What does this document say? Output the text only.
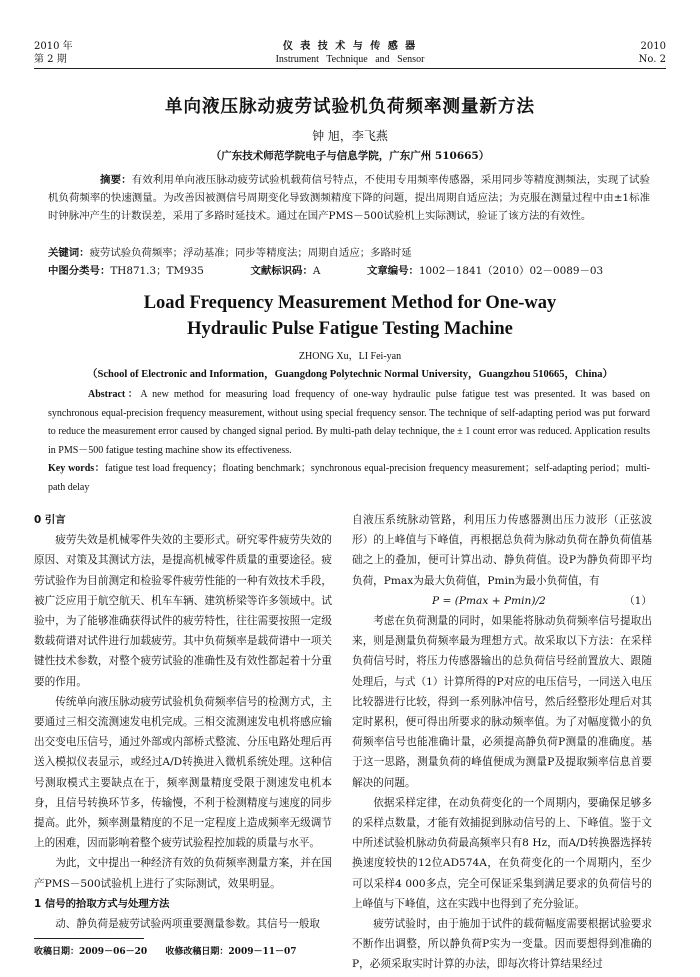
2010 年
第 2 期
仪 表 技 术 与 传 感 器
Instrument   Technique   and   Sensor
2010
No. 2
单向液压脉动疲劳试验机负荷频率测量新方法
钟 旭，李飞燕
（广东技术师范学院电子与信息学院，广东广州 510665）
摘要：有效利用单向液压脉动疲劳试验机载荷信号特点，不使用专用频率传感器，采用同步等精度测频法，实现了试验机负荷频率的快速测量。为改善因被测信号周期变化导致测频精度下降的问题，提出周期自适应法；为克服在测量过程中由±1标准时钟脉冲产生的计数误差，采用了多路时延技术。通过在国产PMS－500试验机上实际测试，验证了该方法的有效性。
关键词：疲劳试验负荷频率；浮动基准；同步等精度法；周期自适应；多路时延
中图分类号：TH871.3；TM935	文献标识码：A	文章编号：1002－1841（2010）02－0089－03
Load Frequency Measurement Method for One-way
Hydraulic Pulse Fatigue Testing Machine
ZHONG Xu，LI Fei-yan
（School of Electronic and Information，Guangdong Polytechnic Normal University，Guangzhou 510665，China）
Abstract：A new method for measuring load frequency of one-way hydraulic pulse fatigue test was presented. It was based on synchronous equal-precision frequency measurement, without using special frequency sensor. The technique of self-adapting period was put forward to reduce the measurement error caused by changed signal period. By multi-path delay technique, the ± 1 count error was reduced. Application results in PMS－500 fatigue testing machine show its effectiveness.
Key words：fatigue test load frequency；floating benchmark；synchronous equal-precision frequency measurement；self-adapting period；multi-path delay

0 引言

疲劳失效是机械零件失效的主要形式。研究零件疲劳失效的原因、对策及其测试方法，是提高机械零件质量的重要途径。疲劳试验作为目前测定和检验零件疲劳性能的一种有效技术手段，被广泛应用于航空航天、机车车辆、建筑桥梁等许多领域中。试验中，为了能够准确获得试件的疲劳特性，往往需要按照一定级数载荷谱对试件进行加载疲劳。其中负荷频率是载荷谱中一项关键性技术参数，对整个疲劳试验的准确性及有效性都起着十分重要的作用。

传统单向液压脉动疲劳试验机负荷频率信号的检测方式，主要通过三相交流测速发电机完成。三相交流测速发电机将感应输出交变电压信号，通过外部或内部桥式整流、分压电路处理后再送入模拟仪表显示，或经过A/D转换进入微机系统处理。这种信号测取模式主要缺点在于，频率测量精度受限于测速发电机本身，且信号转换环节多，传输慢，不利于检测精度与速度的同步提高。此外，频率测量精度的不足一定程度上造成频率无级调节上的困难，因而影响着整个疲劳试验程控加载的质量与水平。

为此，文中提出一种经济有效的负荷频率测量方案，并在国产PMS－500试验机上进行了实际测试，效果明显。

1 信号的拾取方式与处理方法

动、静负荷是疲劳试验两项重要测量参数。其信号一般取

自液压系统脉动管路，利用压力传感器测出压力波形（正弦波形）的上峰值与下峰值，再根据总负荷为脉动负荷在静负荷值基础之上的叠加，便可计算出动、静负荷值。设P为静负荷即平均负荷，Pmax为最大负荷值，Pmin为最小负荷值，有

P = (Pmax + Pmin)/2	（1）

考虑在负荷测量的同时，如果能将脉动负荷频率信号提取出来，则是测量负荷频率最为理想方式。故采取以下方法：在采样负荷信号时，将压力传感器输出的总负荷信号经前置放大、跟随处理后，与式（1）计算所得的P对应的电压信号，一同送入电压比较器进行比较，得到一系列脉冲信号，然后经整形处理后对其定时累积，便可得出所要求的脉动频率值。为了对幅度微小的负荷频率信号也能准确计量，必须提高静负荷P测量的准确度。基于这一思路，测量负荷的峰值便成为测量P及提取频率信息首要解决的问题。

依据采样定律，在动负荷变化的一个周期内，要确保足够多的采样点数量，才能有效捕捉到脉动信号的上、下峰值。鉴于文中所述试验机脉动负荷最高频率只有8 Hz，而A/D转换器选择转换速度较快的12位AD574A，在负荷变化的一个周期内，至少可以采样4 000多点，完全可保证采集到满足要求的负荷信号的上峰值与下峰值，这在实践中也得到了充分验证。

疲劳试验时，由于施加于试件的载荷幅度需要根据试验要求不断作出调整，所以静负荷P实为一变量。因而要想得到准确的P，必须采取实时计算的办法，即每次将计算结果经过

收稿日期：2009－06－20 收修改稿日期：2009－11－07
